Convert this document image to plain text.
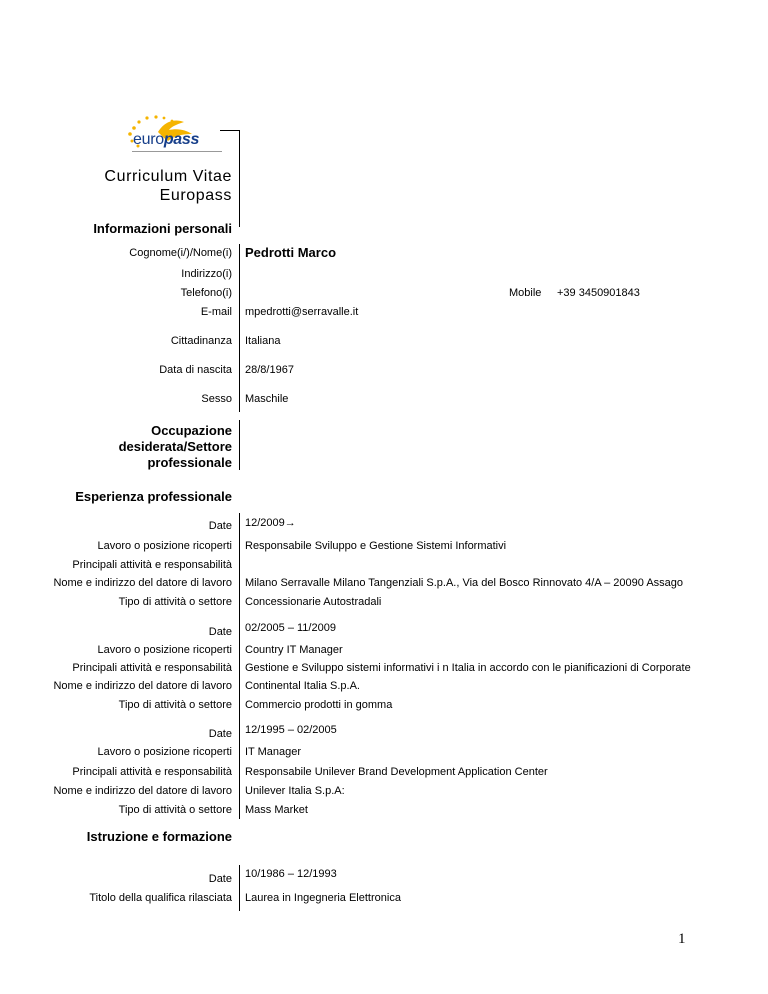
europass
Curriculum Vitae
Europass
Informazioni personali
Cognome(i/)/Nome(i) Pedrotti Marco
Indirizzo(i)
Telefono(i)	Mobile +39 3450901843
E-mail mpedrotti@serravalle.it
Cittadinanza Italiana
Data di nascita 28/8/1967
Sesso Maschile
Occupazione
desiderata/Settore
professionale
Esperienza professionale
Date 12/2009→
Lavoro o posizione ricoperti Responsabile Sviluppo e Gestione Sistemi Informativi
Principali attività e responsabilità
Nome e indirizzo del datore di lavoro Milano Serravalle Milano Tangenziali S.p.A., Via del Bosco Rinnovato 4/A – 20090 Assago
Tipo di attività o settore Concessionarie Autostradali
Date 02/2005 – 11/2009
Lavoro o posizione ricoperti Country IT Manager
Principali attività e responsabilità Gestione e Sviluppo sistemi informativi i n Italia in accordo con le pianificazioni di Corporate
Nome e indirizzo del datore di lavoro Continental Italia S.p.A.
Tipo di attività o settore Commercio prodotti in gomma
Date 12/1995 – 02/2005
Lavoro o posizione ricoperti IT Manager
Principali attività e responsabilità Responsabile Unilever Brand Development Application Center
Nome e indirizzo del datore di lavoro Unilever Italia S.p.A:
Tipo di attività o settore Mass Market
Istruzione e formazione
Date 10/1986 – 12/1993
Titolo della qualifica rilasciata Laurea in Ingegneria Elettronica
1
